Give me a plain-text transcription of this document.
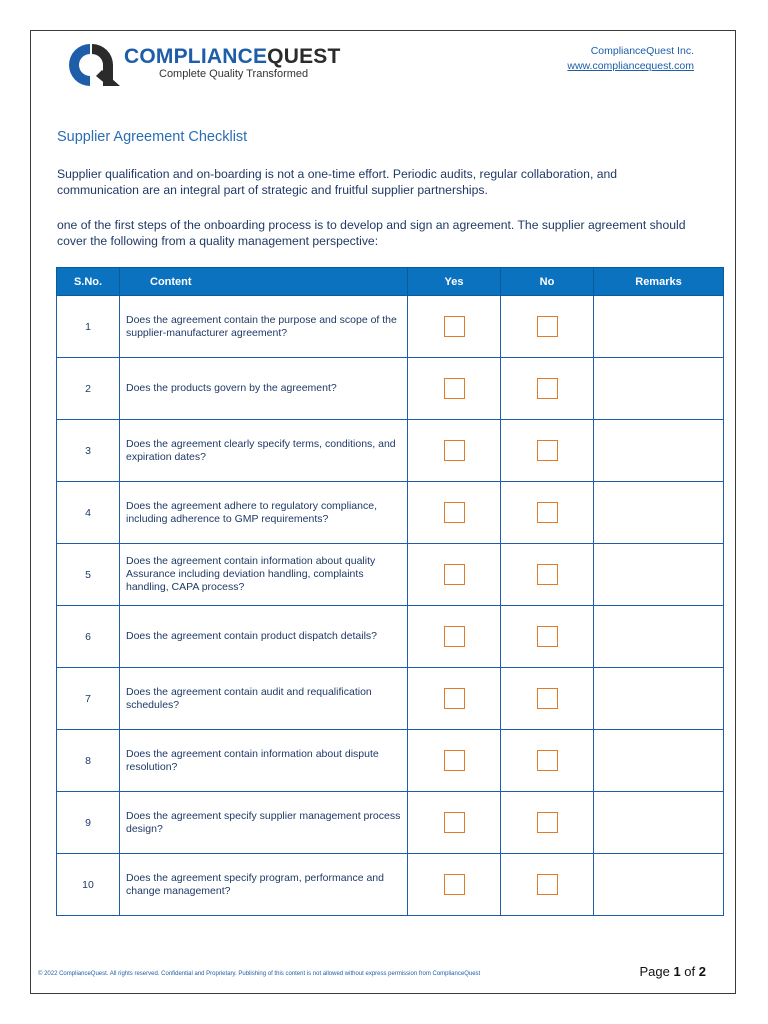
COMPLIANCEQUEST
Complete Quality Transformed
ComplianceQuest Inc.
www.compliancequest.com
Supplier Agreement Checklist
Supplier qualification and on-boarding is not a one-time effort. Periodic audits, regular collaboration, and communication are an integral part of strategic and fruitful supplier partnerships.
one of the first steps of the onboarding process is to develop and sign an agreement. The supplier agreement should cover the following from a quality management perspective:
S.No.	Content	Yes	No	Remarks
1	Does the agreement contain the purpose and scope of the supplier-manufacturer agreement?			
2	Does the products govern by the agreement?			
3	Does the agreement clearly specify terms, conditions, and expiration dates?			
4	Does the agreement adhere to regulatory compliance, including adherence to GMP requirements?			
5	Does the agreement contain information about quality Assurance including deviation handling, complaints handling, CAPA process?			
6	Does the agreement contain product dispatch details?			
7	Does the agreement contain audit and requalification schedules?			
8	Does the agreement contain information about dispute resolution?			
9	Does the agreement specify supplier management process design?			
10	Does the agreement specify program, performance and change management?			
© 2022 ComplianceQuest. All rights reserved. Confidential and Proprietary. Publishing of this content is not allowed without express permission from ComplianceQuest	Page 1 of 2
